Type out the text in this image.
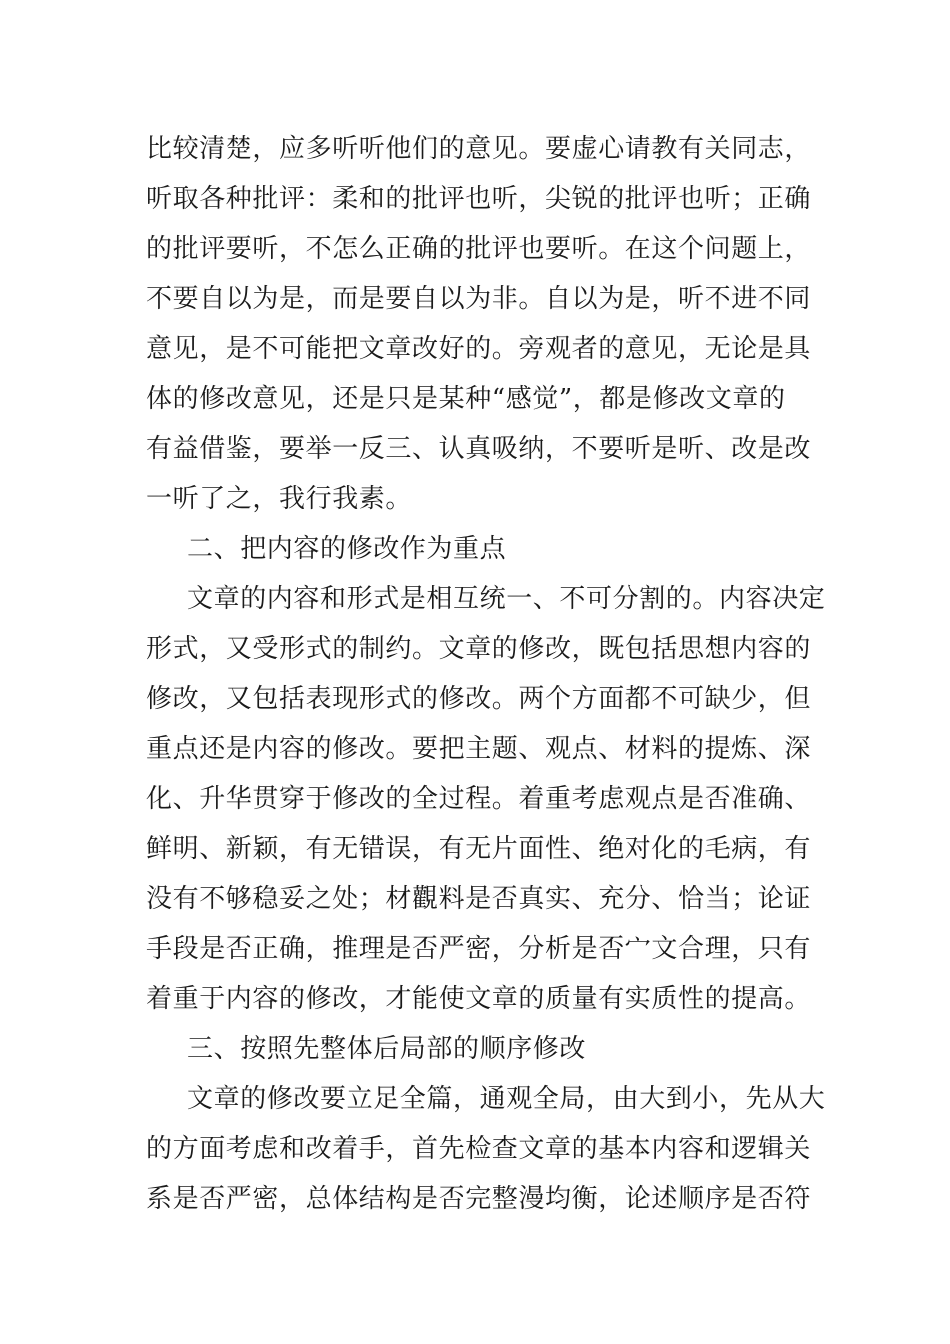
比较清楚，应多听听他们的意见。要虚心请教有关同志，
听取各种批评：柔和的批评也听，尖锐的批评也听；正确
的批评要听，不怎么正确的批评也要听。在这个问题上，
不要自以为是，而是要自以为非。自以为是，听不进不同
意见，是不可能把文章改好的。旁观者的意见，无论是具
体的修改意见，还是只是某种“感觉”，都是修改文章的
有益借鉴，要举一反三、认真吸纳，不要听是听、改是改
一听了之，我行我素。
二、把内容的修改作为重点
文章的内容和形式是相互统一、不可分割的。内容决定
形式，又受形式的制约。文章的修改，既包括思想内容的
修改，又包括表现形式的修改。两个方面都不可缺少，但
重点还是内容的修改。要把主题、观点、材料的提炼、深
化、升华贯穿于修改的全过程。着重考虑观点是否准确、
鲜明、新颖，有无错误，有无片面性、绝对化的毛病，有
没有不够稳妥之处；材觀料是否真实、充分、恰当；论证
手段是否正确，推理是否严密，分析是否宀文合理，只有
着重于内容的修改，才能使文章的质量有实质性的提高。
三、按照先整体后局部的顺序修改
文章的修改要立足全篇，通观全局，由大到小，先从大
的方面考虑和改着手，首先检查文章的基本内容和逻辑关
系是否严密，总体结构是否完整漫均衡，论述顺序是否符
